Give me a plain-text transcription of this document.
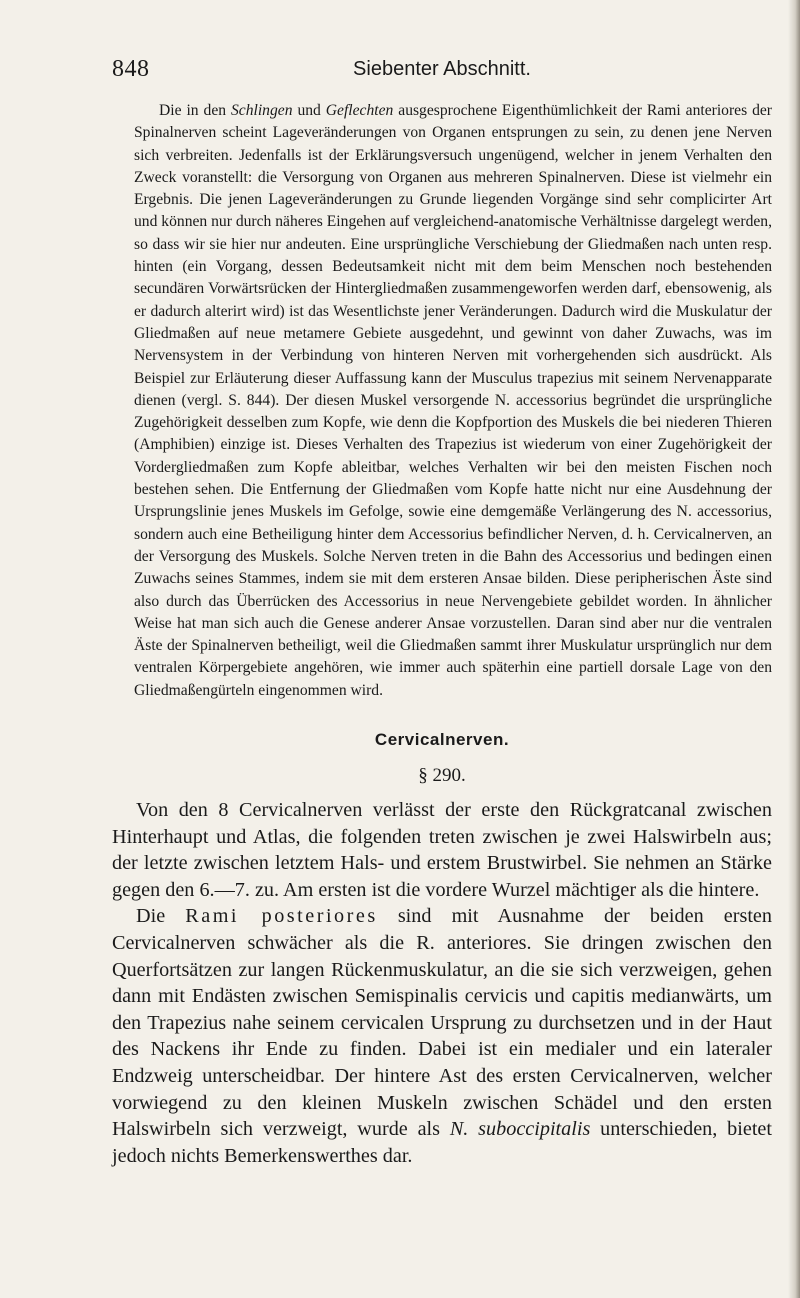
848	Siebenter Abschnitt.

Die in den Schlingen und Geflechten ausgesprochene Eigenthümlichkeit der Rami anteriores der Spinalnerven scheint Lageveränderungen von Organen entsprungen zu sein, zu denen jene Nerven sich verbreiten. Jedenfalls ist der Erklärungsversuch ungenügend, welcher in jenem Verhalten den Zweck voranstellt: die Versorgung von Organen aus mehreren Spinalnerven. Diese ist vielmehr ein Ergebnis. Die jenen Lageveränderungen zu Grunde liegenden Vorgänge sind sehr complicirter Art und können nur durch näheres Eingehen auf vergleichend-anatomische Verhältnisse dargelegt werden, so dass wir sie hier nur andeuten. Eine ursprüngliche Verschiebung der Gliedmaßen nach unten resp. hinten (ein Vorgang, dessen Bedeutsamkeit nicht mit dem beim Menschen noch bestehenden secundären Vorwärtsrücken der Hintergliedmaßen zusammengeworfen werden darf, ebensowenig, als er dadurch alterirt wird) ist das Wesentlichste jener Veränderungen. Dadurch wird die Muskulatur der Gliedmaßen auf neue metamere Gebiete ausgedehnt, und gewinnt von daher Zuwachs, was im Nervensystem in der Verbindung von hinteren Nerven mit vorhergehenden sich ausdrückt. Als Beispiel zur Erläuterung dieser Auffassung kann der Musculus trapezius mit seinem Nervenapparate dienen (vergl. S. 844). Der diesen Muskel versorgende N. accessorius begründet die ursprüngliche Zugehörigkeit desselben zum Kopfe, wie denn die Kopfportion des Muskels die bei niederen Thieren (Amphibien) einzige ist. Dieses Verhalten des Trapezius ist wiederum von einer Zugehörigkeit der Vordergliedmaßen zum Kopfe ableitbar, welches Verhalten wir bei den meisten Fischen noch bestehen sehen. Die Entfernung der Gliedmaßen vom Kopfe hatte nicht nur eine Ausdehnung der Ursprungslinie jenes Muskels im Gefolge, sowie eine demgemäße Verlängerung des N. accessorius, sondern auch eine Betheiligung hinter dem Accessorius befindlicher Nerven, d. h. Cervicalnerven, an der Versorgung des Muskels. Solche Nerven treten in die Bahn des Accessorius und bedingen einen Zuwachs seines Stammes, indem sie mit dem ersteren Ansae bilden. Diese peripherischen Äste sind also durch das Überrücken des Accessorius in neue Nervengebiete gebildet worden. In ähnlicher Weise hat man sich auch die Genese anderer Ansae vorzustellen. Daran sind aber nur die ventralen Äste der Spinalnerven betheiligt, weil die Gliedmaßen sammt ihrer Muskulatur ursprünglich nur dem ventralen Körpergebiete angehören, wie immer auch späterhin eine partiell dorsale Lage von den Gliedmaßengürteln eingenommen wird.

Cervicalnerven.
§ 290.

Von den 8 Cervicalnerven verlässt der erste den Rückgratcanal zwischen Hinterhaupt und Atlas, die folgenden treten zwischen je zwei Halswirbeln aus; der letzte zwischen letztem Hals- und erstem Brustwirbel. Sie nehmen an Stärke gegen den 6.—7. zu. Am ersten ist die vordere Wurzel mächtiger als die hintere.

Die Rami posteriores sind mit Ausnahme der beiden ersten Cervicalnerven schwächer als die R. anteriores. Sie dringen zwischen den Querfortsätzen zur langen Rückenmuskulatur, an die sie sich verzweigen, gehen dann mit Endästen zwischen Semispinalis cervicis und capitis medianwärts, um den Trapezius nahe seinem cervicalen Ursprung zu durchsetzen und in der Haut des Nackens ihr Ende zu finden. Dabei ist ein medialer und ein lateraler Endzweig unterscheidbar. Der hintere Ast des ersten Cervicalnerven, welcher vorwiegend zu den kleinen Muskeln zwischen Schädel und den ersten Halswirbeln sich verzweigt, wurde als N. suboccipitalis unterschieden, bietet jedoch nichts Bemerkenswerthes dar.
